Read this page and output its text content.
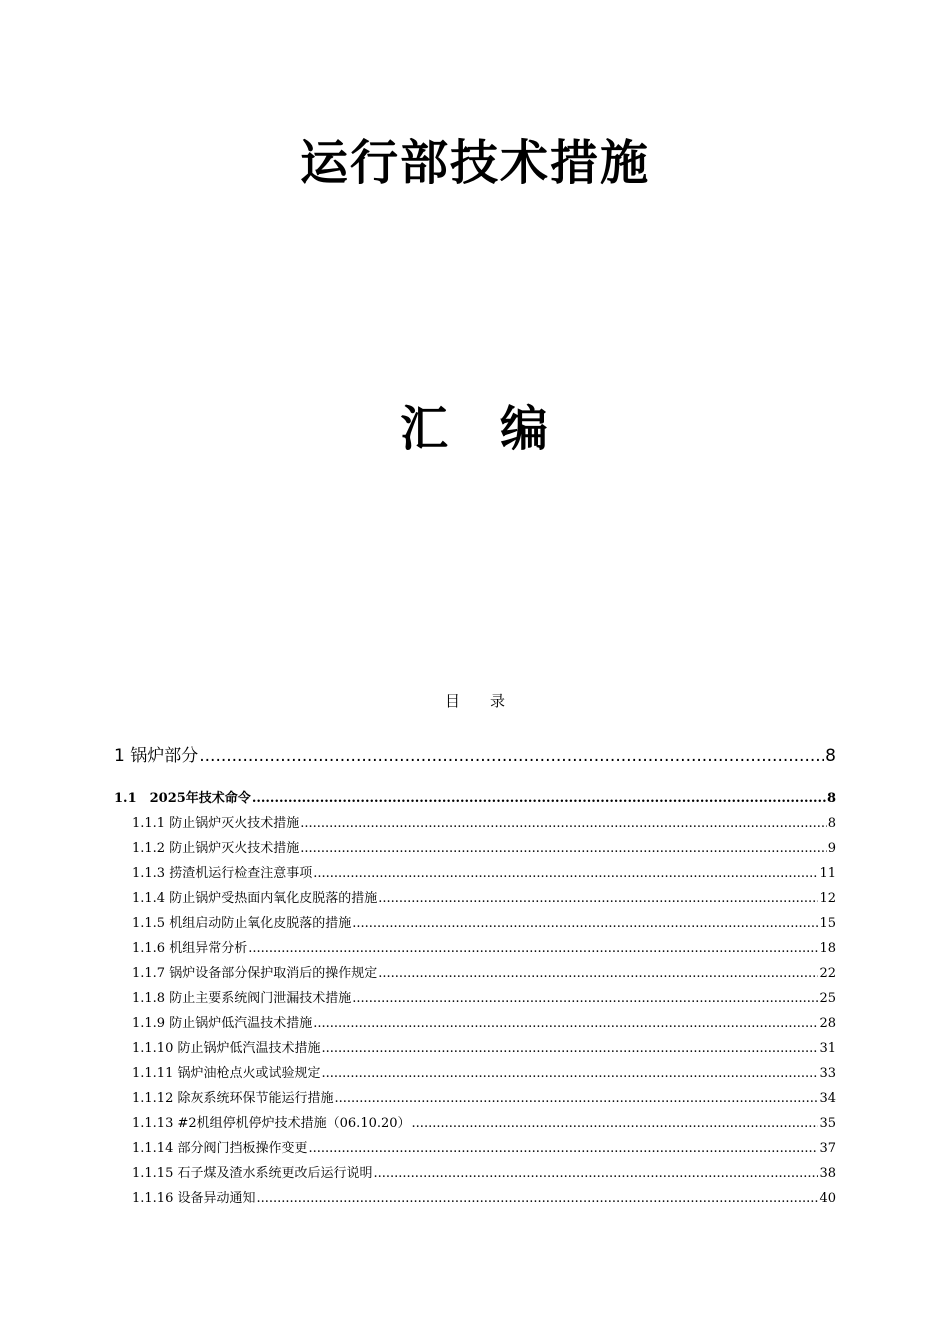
运行部技术措施
汇　编
目　　录
1 锅炉部分 .....	8
1.1　2025年技术命令 .....	8
1.1.1 防止锅炉灭火技术措施 .....	8
1.1.2 防止锅炉灭火技术措施 .....	9
1.1.3 捞渣机运行检查注意事项 .....	11
1.1.4 防止锅炉受热面内氧化皮脱落的措施 .....	12
1.1.5 机组启动防止氧化皮脱落的措施 .....	15
1.1.6 机组异常分析 .....	18
1.1.7 锅炉设备部分保护取消后的操作规定 .....	22
1.1.8 防止主要系统阀门泄漏技术措施 .....	25
1.1.9 防止锅炉低汽温技术措施 .....	28
1.1.10 防止锅炉低汽温技术措施 .....	31
1.1.11 锅炉油枪点火或试验规定 .....	33
1.1.12 除灰系统环保节能运行措施 .....	34
1.1.13 #2机组停机停炉技术措施（06.10.20） .....	35
1.1.14 部分阀门挡板操作变更 .....	37
1.1.15 石子煤及渣水系统更改后运行说明 .....	38
1.1.16 设备异动通知 .....	40
